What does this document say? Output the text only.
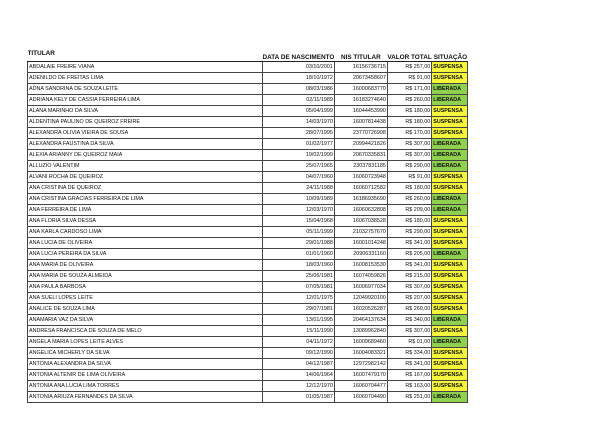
TITULAR	DATA DE NASCIMENTO	NIS TITULAR	VALOR TOTAL	SITUAÇÃO
ABDALAIE FREIRE VIANA	03/10/2001	16156736715	R$ 257,00	SUSPENSA
ADENILDO DE FREITAS LIMA	18/10/1972	20673458607	R$ 91,00	SUSPENSA
ADNA SANDRINA DE SOUZA LEITE	08/03/1986	16000683770	R$ 171,00	LIBERADA
ADRIANA KELY DE CASSIA FERREIRA LIMA	02/11/1989	16183274640	R$ 260,00	LIBERADA
ALANA MARINHO DA SILVA	05/04/1999	16044453990	R$ 180,00	SUSPENSA
ALDENTINA PAULINO DE QUEIROZ FREIRE	14/03/1970	16007814438	R$ 180,00	SUSPENSA
ALEXANDRA OLIVIA VIEIRA DE SOUSA	28/07/1995	23770726908	R$ 170,00	SUSPENSA
ALEXANDRA FAUSTINA DA SILVA	01/02/1977	20994421826	R$ 307,00	LIBERADA
ALEXIA ARIANNY DE QUEIROZ MAIA	19/02/1999	20670335831	R$ 307,00	LIBERADA
ALLUZIO VALENTIM	25/07/1965	23037831185	R$ 290,00	LIBERADA
ALVANI ROCHA DE QUEIROZ	04/07/1960	16060723948	R$ 91,00	SUSPENSA
ANA CRISTINA DE QUEIROZ	24/11/1988	16060712582	R$ 180,00	SUSPENSA
ANA CRISTINA GRACIAS FERREIRA DE LIMA	10/09/1989	16186935690	R$ 260,00	LIBERADA
ANA FERREIRA DE LIMA	12/03/1970	16060632808	R$ 209,00	LIBERADA
ANA FLORIA SILVA DESSA	15/04/1968	16067038528	R$ 180,00	SUSPENSA
ANA KARLA CARDOSO LIMA	05/11/1999	21032757670	R$ 290,00	SUSPENSA
ANA LUCIA DE OLIVEIRA	29/01/1988	16001014248	R$ 341,00	SUSPENSA
ANA LUCIA PEREIRA DA SILVA	01/01/1960	20906331160	R$ 205,00	LIBERADA
ANA MARIA DE OLIVEIRA	18/03/1960	16008153530	R$ 341,00	SUSPENSA
ANA MARIA DE SOUZA ALMEIDA	25/06/1981	16074059826	R$ 215,00	SUSPENSA
ANA PAULA BARBOSA	07/05/1981	16006977034	R$ 307,00	SUSPENSA
ANA SUELI LOPES LEITE	12/01/1975	12049920100	R$ 207,00	SUSPENSA
ANALICE DE SOUZA LIMA	29/07/1981	16020526287	R$ 260,00	SUSPENSA
ANAMARIA VAZ DA SILVA	13/01/1995	20464137634	R$ 340,00	LIBERADA
ANDRESA FRANCISCA DE SOUZA DE MELO	15/11/1990	13089962840	R$ 307,00	SUSPENSA
ANGELA MARIA LOPES LEITE ALVES	04/11/1972	16009689460	R$ 01,00	LIBERADA
ANGELICA MICHERLY DA SILVA	09/12/1990	16004083321	R$ 334,00	SUSPENSA
ANTONIA ALEXANDRA DA SILVA	04/12/1987	12972982142	R$ 341,00	SUSPENSA
ANTONIA ALTENIR DE LIMA OLIVEIRA	14/06/1964	16007479170	R$ 167,00	SUSPENSA
ANTONIA ANA LUCIA LIMA TORRES	12/12/1970	16060704477	R$ 163,00	SUSPENSA
ANTONIA ARIUZA FERNANDES DA SILVA	01/05/1987	16060704490	R$ 251,00	LIBERADA
